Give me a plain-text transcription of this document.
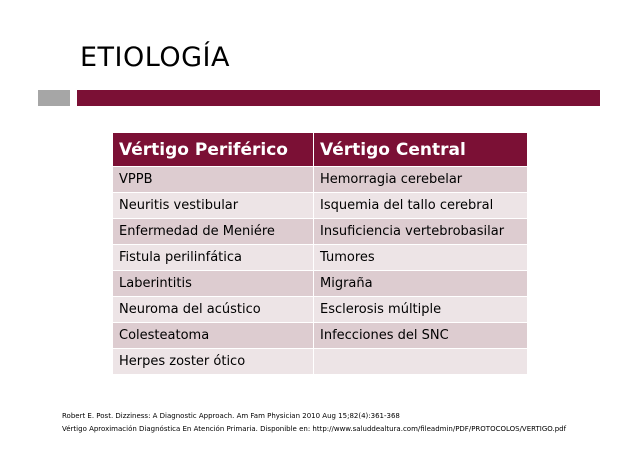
ETIOLOGÍA
Vértigo Periférico	Vértigo Central
VPPB	Hemorragia cerebelar
Neuritis vestibular	Isquemia del tallo cerebral
Enfermedad de Meniére	Insuficiencia vertebrobasilar
Fistula perilinfática	Tumores
Laberintitis	Migraña
Neuroma del acústico	Esclerosis múltiple
Colesteatoma	Infecciones del SNC
Herpes zoster ótico	
Robert E. Post. Dizziness: A Diagnostic Approach. Am Fam Physician 2010 Aug 15;82(4):361-368
Vértigo Aproximación Diagnóstica En Atención Primaria. Disponible en: http://www.saluddealtura.com/fileadmin/PDF/PROTOCOLOS/VERTIGO.pdf
